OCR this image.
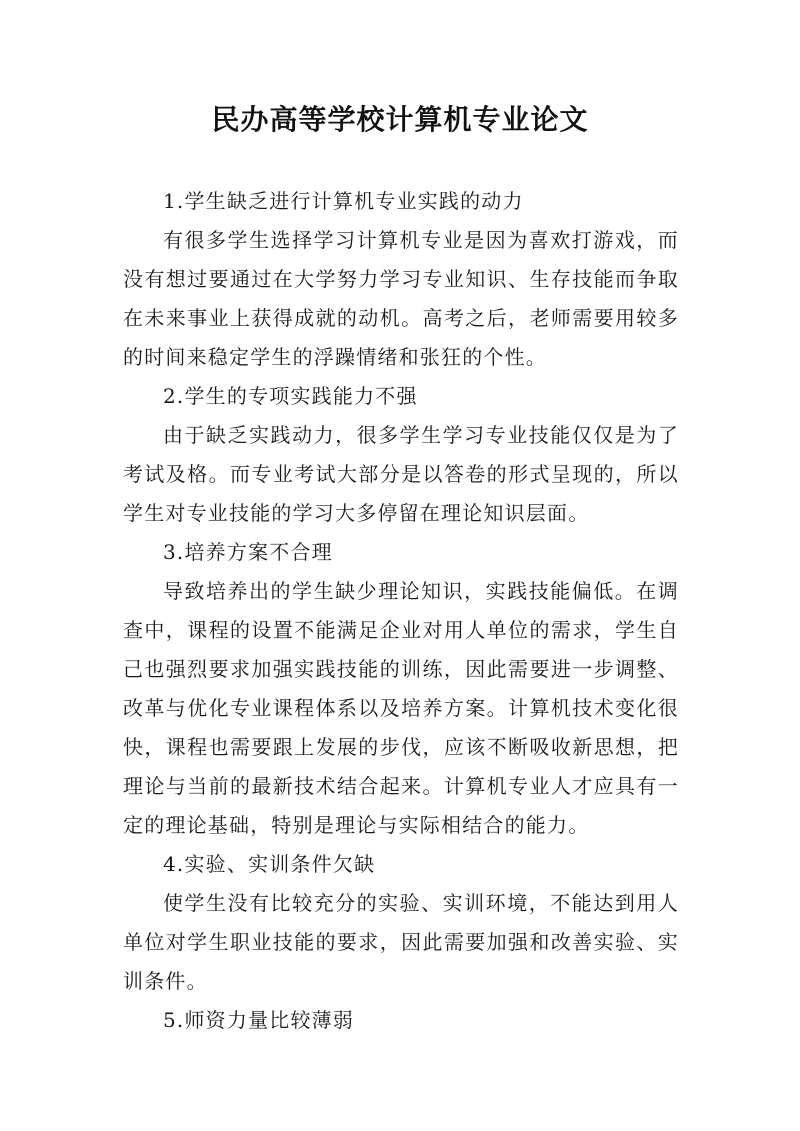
民办高等学校计算机专业论文
1.学生缺乏进行计算机专业实践的动力
有很多学生选择学习计算机专业是因为喜欢打游戏，而没有想过要通过在大学努力学习专业知识、生存技能而争取在未来事业上获得成就的动机。高考之后，老师需要用较多的时间来稳定学生的浮躁情绪和张狂的个性。
2.学生的专项实践能力不强
由于缺乏实践动力，很多学生学习专业技能仅仅是为了考试及格。而专业考试大部分是以答卷的形式呈现的，所以学生对专业技能的学习大多停留在理论知识层面。
3.培养方案不合理
导致培养出的学生缺少理论知识，实践技能偏低。在调查中，课程的设置不能满足企业对用人单位的需求，学生自己也强烈要求加强实践技能的训练，因此需要进一步调整、改革与优化专业课程体系以及培养方案。计算机技术变化很快，课程也需要跟上发展的步伐，应该不断吸收新思想，把理论与当前的最新技术结合起来。计算机专业人才应具有一定的理论基础，特别是理论与实际相结合的能力。
4.实验、实训条件欠缺
使学生没有比较充分的实验、实训环境，不能达到用人单位对学生职业技能的要求，因此需要加强和改善实验、实训条件。
5.师资力量比较薄弱
